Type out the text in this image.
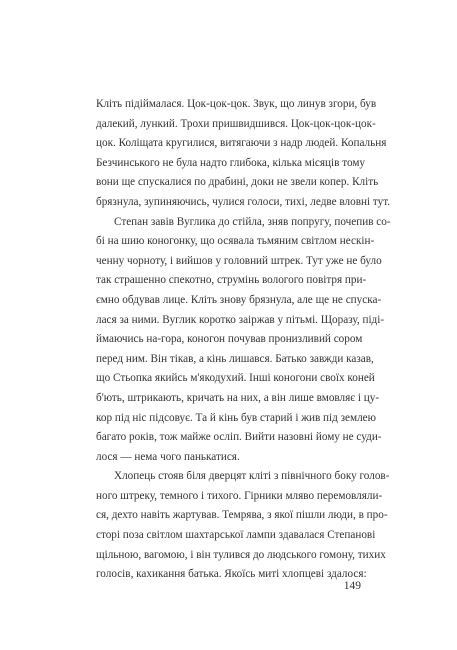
Кліть підіймалася. Цок-цок-цок. Звук, що линув згори, був
далекий, лункий. Трохи пришвидшився. Цок-цок-цок-цок-
цок. Коліщата кругилися, витягаючи з надр людей. Копальня
Безчинського не була надто глибока, кілька місяців тому
вони ще спускалися по драбині, доки не звели копер. Кліть
брязнула, зупиняючись, чулися голоси, тихі, ледве вловні тут.

Степан завів Вуглика до стійла, зняв попругу, почепив со-
бі на шию коногонку, що осявала тьмяним світлом нескін-
ченну чорноту, і вийшов у головний штрек. Тут уже не було
так страшенно спекотно, струмінь вологого повітря при-
ємно обдував лице. Кліть знову брязнула, але ще не спуска-
лася за ними. Вуглик коротко заіржав у пітьмі. Щоразу, піді-
ймаючись на-гора, коногон почував пронизливий сором
перед ним. Він тікав, а кінь лишався. Батько завжди казав,
що Стьопка якийсь м'якодухий. Інші коногони своїх коней
б'ють, штрикають, кричать на них, а він лише вмовляє і цу-
кор під ніс підсовує. Та й кінь був старий і жив під землею
багато років, тож майже осліп. Вийти назовні йому не суди-
лося — нема чого панькатися.

Хлопець стояв біля дверцят кліті з північного боку голов-
ного штреку, темного і тихого. Гірники мляво перемовляли-
ся, дехто навіть жартував. Темрява, з якої пішли люди, в про-
сторі поза світлом шахтарської лампи здавалася Степанові
щільною, вагомою, і він тулився до людського гомону, тихих
голосів, кахикання батька. Якоїсь миті хлопцеві здалося:

149
